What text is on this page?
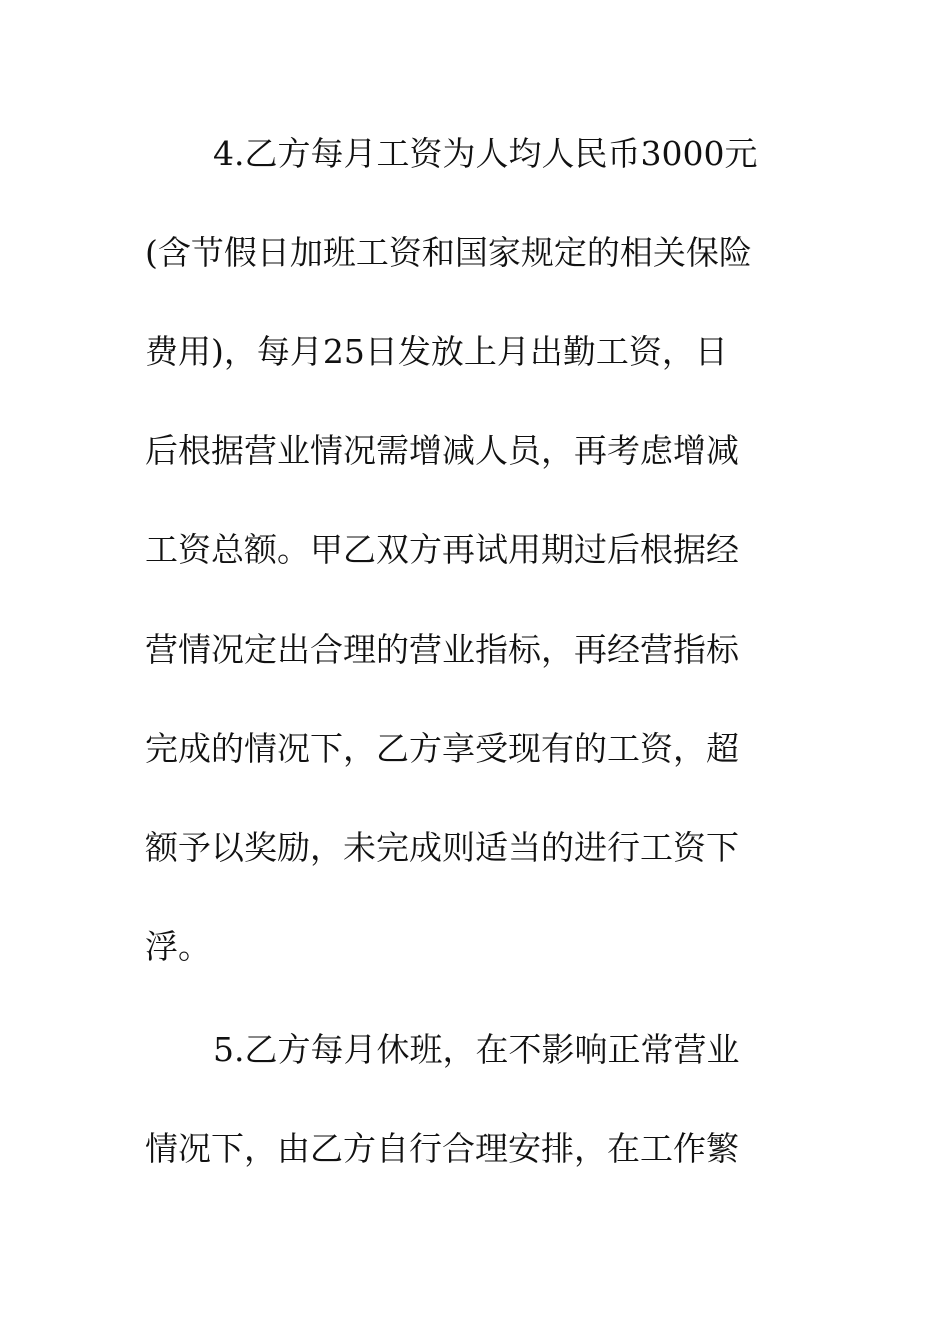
4.乙方每月工资为人均人民币3000元
(含节假日加班工资和国家规定的相关保险
费用)，每月25日发放上月出勤工资，日
后根据营业情况需增减人员，再考虑增减
工资总额。甲乙双方再试用期过后根据经
营情况定出合理的营业指标，再经营指标
完成的情况下，乙方享受现有的工资，超
额予以奖励，未完成则适当的进行工资下
浮。
5.乙方每月休班，在不影响正常营业
情况下，由乙方自行合理安排，在工作繁
